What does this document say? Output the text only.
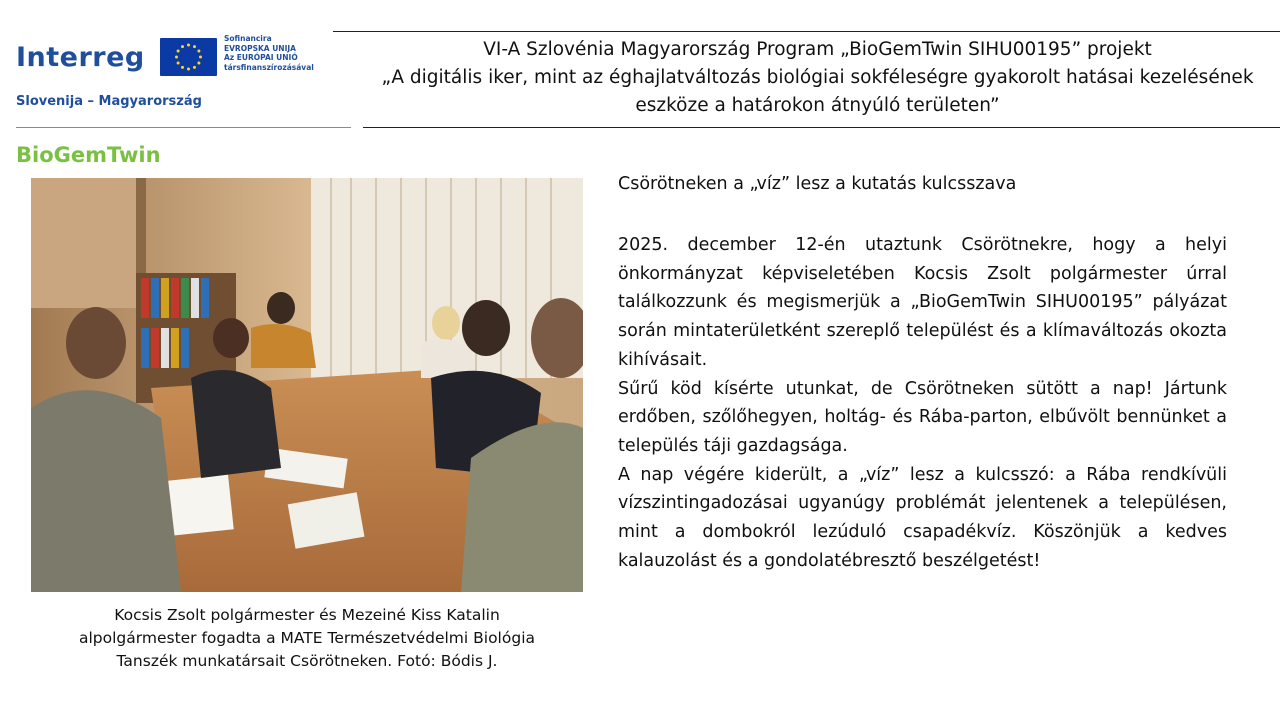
Interreg
Sofinancira
EVROPSKA UNIJA
Az EURÓPAI UNIÓ
társfinanszírozásával
Slovenija – Magyarország
BioGemTwin
VI-A Szlovénia Magyarország Program „BioGemTwin SIHU00195” projekt
„A digitális iker, mint az éghajlatváltozás biológiai sokféleségre gyakorolt hatásai kezelésének
eszköze a határokon átnyúló területen”
Kocsis Zsolt polgármester és Mezeiné Kiss Katalin
alpolgármester fogadta a MATE Természetvédelmi Biológia
Tanszék munkatársait Csörötneken. Fotó: Bódis J.
Csörötneken a „víz” lesz a kutatás kulcsszava

2025. december 12-én utaztunk Csörötnekre, hogy a helyi önkormányzat képviseletében Kocsis Zsolt polgármester úrral találkozzunk és megismerjük a „BioGemTwin SIHU00195” pályázat során mintaterületként szereplő települést és a klímaváltozás okozta kihívásait.

Sűrű köd kísérte utunkat, de Csörötneken sütött a nap! Jártunk erdőben, szőlőhegyen, holtág- és Rába-parton, elbűvölt bennünket a település táji gazdagsága.

A nap végére kiderült, a „víz” lesz a kulcsszó: a Rába rendkívüli vízszintingadozásai ugyanúgy problémát jelentenek a településen, mint a dombokról lezúduló csapadékvíz. Köszönjük a kedves kalauzolást és a gondolatébresztő beszélgetést!
